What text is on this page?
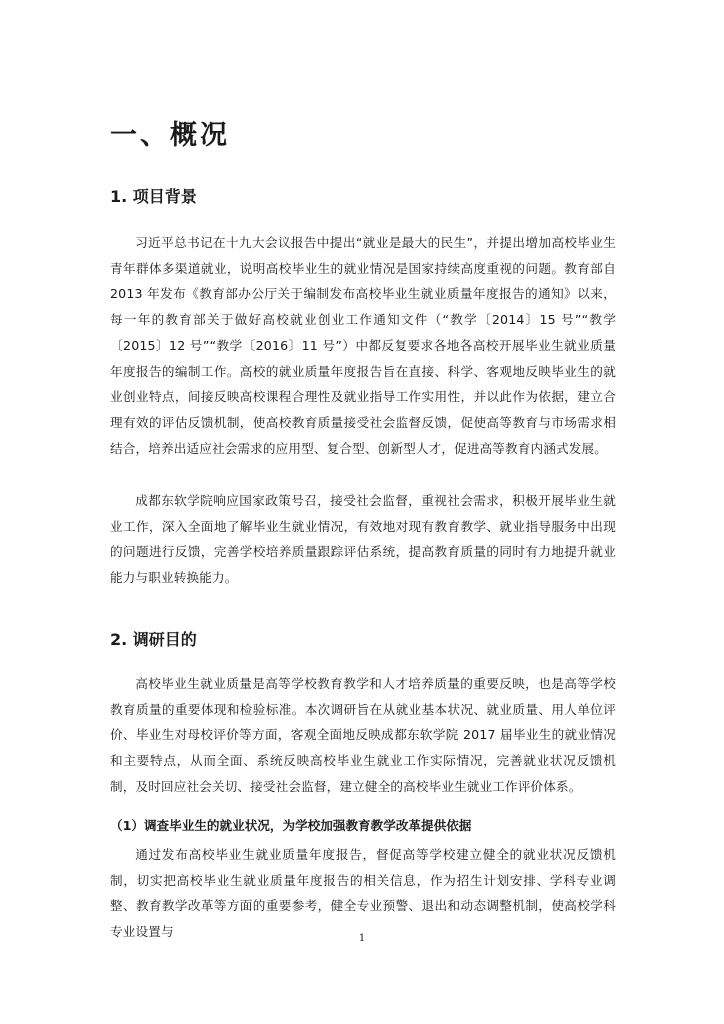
一、概况
1. 项目背景

习近平总书记在十九大会议报告中提出“就业是最大的民生”，并提出增加高校毕业生青年群体多渠道就业，说明高校毕业生的就业情况是国家持续高度重视的问题。教育部自2013 年发布《教育部办公厅关于编制发布高校毕业生就业质量年度报告的通知》以来，每一年的教育部关于做好高校就业创业工作通知文件（“教学〔2014〕15 号”“教学〔2015〕12 号”“教学〔2016〕11 号”）中都反复要求各地各高校开展毕业生就业质量年度报告的编制工作。高校的就业质量年度报告旨在直接、科学、客观地反映毕业生的就业创业特点，间接反映高校课程合理性及就业指导工作实用性，并以此作为依据，建立合理有效的评估反馈机制，使高校教育质量接受社会监督反馈，促使高等教育与市场需求相结合，培养出适应社会需求的应用型、复合型、创新型人才，促进高等教育内涵式发展。

成都东软学院响应国家政策号召，接受社会监督，重视社会需求，积极开展毕业生就业工作，深入全面地了解毕业生就业情况，有效地对现有教育教学、就业指导服务中出现的问题进行反馈，完善学校培养质量跟踪评估系统，提高教育质量的同时有力地提升就业能力与职业转换能力。

2. 调研目的

高校毕业生就业质量是高等学校教育教学和人才培养质量的重要反映，也是高等学校教育质量的重要体现和检验标准。本次调研旨在从就业基本状况、就业质量、用人单位评价、毕业生对母校评价等方面，客观全面地反映成都东软学院 2017 届毕业生的就业情况和主要特点，从而全面、系统反映高校毕业生就业工作实际情况，完善就业状况反馈机制，及时回应社会关切、接受社会监督，建立健全的高校毕业生就业工作评价体系。

（1）调查毕业生的就业状况，为学校加强教育教学改革提供依据

通过发布高校毕业生就业质量年度报告，督促高等学校建立健全的就业状况反馈机制，切实把高校毕业生就业质量年度报告的相关信息，作为招生计划安排、学科专业调整、教育教学改革等方面的重要参考，健全专业预警、退出和动态调整机制，使高校学科专业设置与	1
